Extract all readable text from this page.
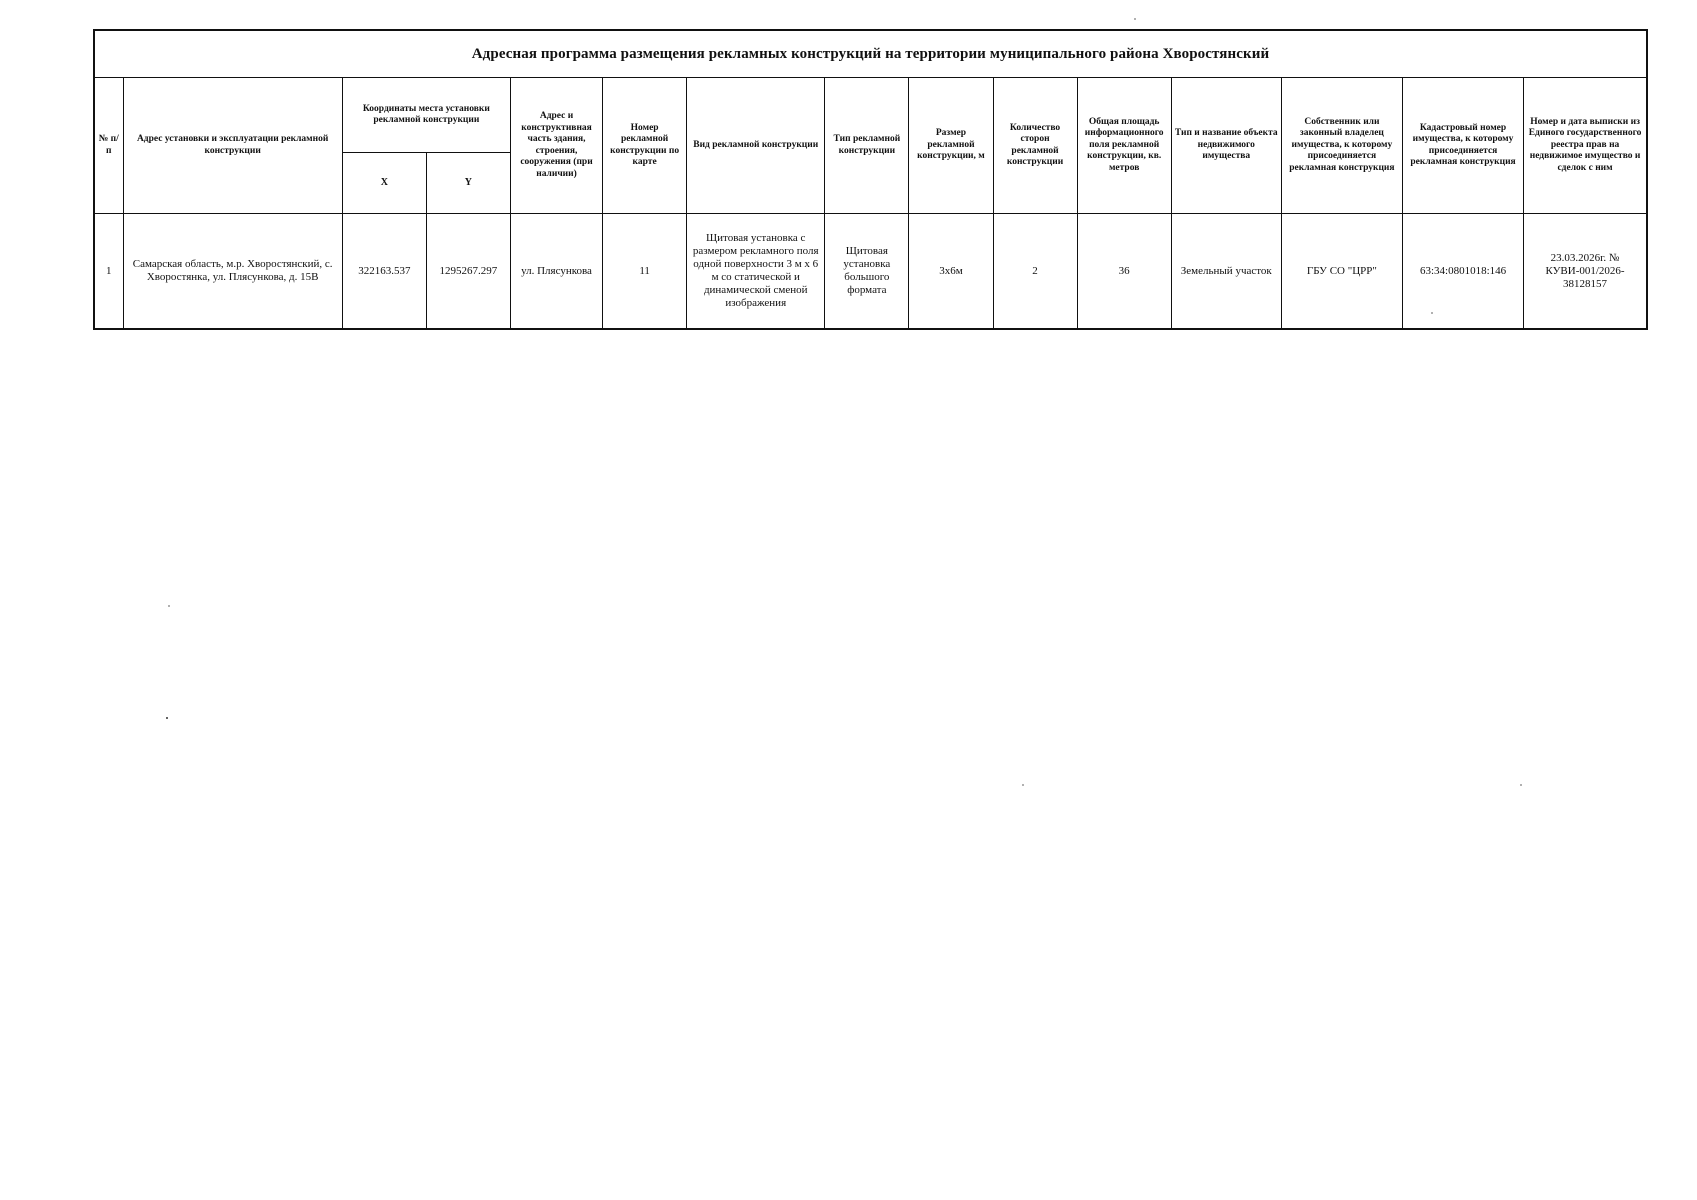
Адресная программа размещения рекламных конструкций на территории муниципального района Хворостянский														
№ п/п	Адрес установки и эксплуатации рекламной конструкции	Координаты места установки рекламной конструкции		Адрес и конструктивная часть здания, строения, сооружения (при наличии)	Номер рекламной конструкции по карте	Вид рекламной конструкции	Тип рекламной конструкции	Размер рекламной конструкции, м	Количество сторон рекламной конструкции	Общая площадь информационного поля рекламной конструкции, кв. метров	Тип и название объекта недвижимого имущества	Собственник или законный владелец имущества, к которому присоединяется рекламная конструкция	Кадастровый номер имущества, к которому присоединяется рекламная конструкция	Номер и дата выписки из Единого государственного реестра прав на недвижимое имущество и сделок с ним
		X	Y											
1	Самарская область, м.р. Хворостянский, с. Хворостянка, ул. Плясункова, д. 15В	322163.537	1295267.297	ул. Плясункова	11	Щитовая установка с размером рекламного поля одной поверхности 3 м х 6 м со статической и динамической сменой изображения	Щитовая установка большого формата	3х6м	2	36	Земельный участок	ГБУ СО "ЦРР"	63:34:0801018:146	23.03.2026г. № КУВИ-001/2026-38128157
